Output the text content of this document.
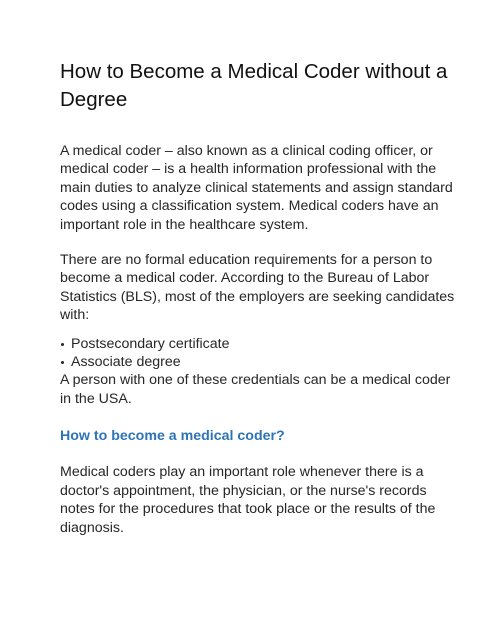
How to Become a Medical Coder without a Degree

A medical coder – also known as a clinical coding officer, or medical coder – is a health information professional with the main duties to analyze clinical statements and assign standard codes using a classification system. Medical coders have an important role in the healthcare system.

There are no formal education requirements for a person to become a medical coder. According to the Bureau of Labor Statistics (BLS), most of the employers are seeking candidates with:

Postsecondary certificate
Associate degree

A person with one of these credentials can be a medical coder in the USA.

How to become a medical coder?

Medical coders play an important role whenever there is a doctor's appointment, the physician, or the nurse's records notes for the procedures that took place or the results of the diagnosis.
